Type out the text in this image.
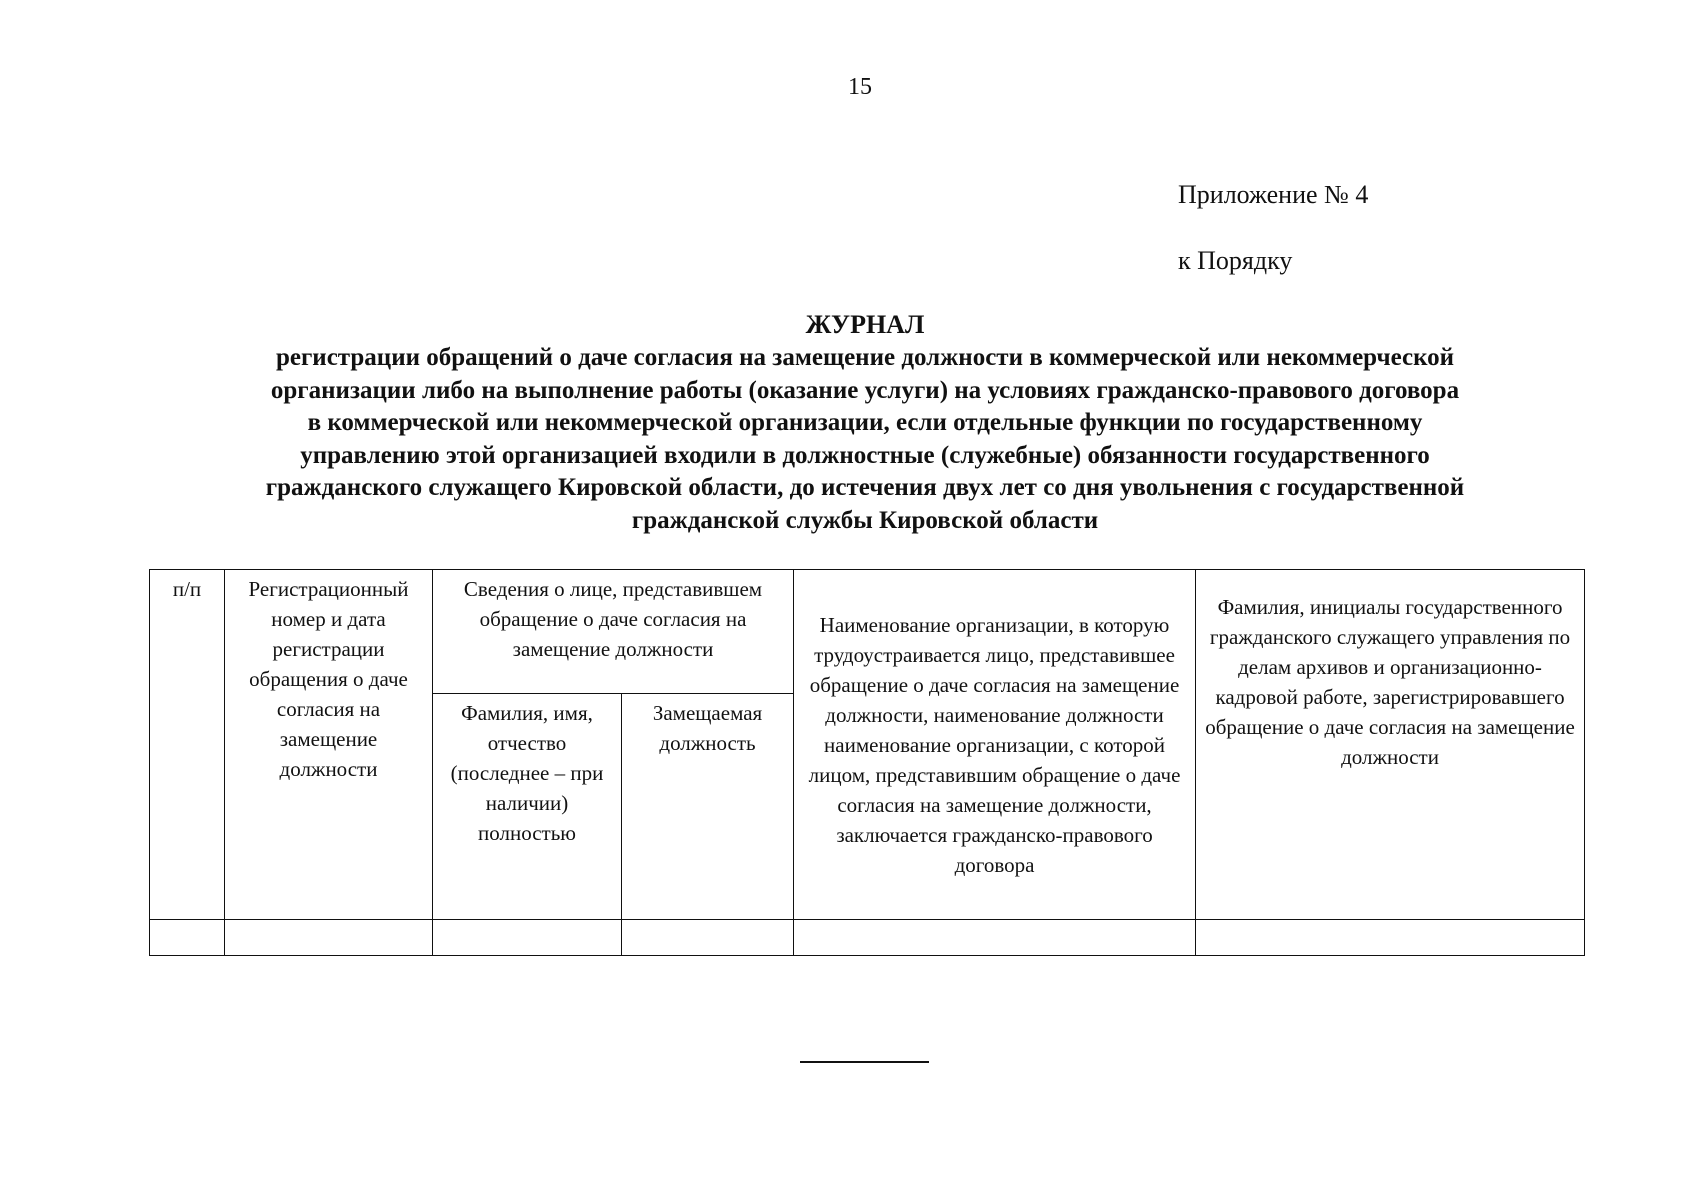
15
Приложение № 4
к Порядку
ЖУРНАЛ
регистрации обращений о даче согласия на замещение должности в коммерческой или некоммерческой
организации либо на выполнение работы (оказание услуги) на условиях гражданско-правового договора
в коммерческой или некоммерческой организации, если отдельные функции по государственному
управлению этой организацией входили в должностные (служебные) обязанности государственного
гражданского служащего Кировской области, до истечения двух лет со дня увольнения с государственной
гражданской службы Кировской области
п/п	Регистрационный номер и дата регистрации обращения о даче согласия на замещение должности	Сведения о лице, представившем обращение о даче согласия на замещение должности		Наименование организации, в которую трудоустраивается лицо, представившее обращение о даче согласия на замещение должности, наименование должности наименование организации, с которой лицом, представившим обращение о даче согласия на замещение должности, заключается гражданско-правового договора	Фамилия, инициалы государственного гражданского служащего управления по делам архивов и организационно-кадровой работе, зарегистрировавшего обращение о даче согласия на замещение должности
		Фамилия, имя, отчество (последнее – при наличии) полностью	Замещаемая должность		
